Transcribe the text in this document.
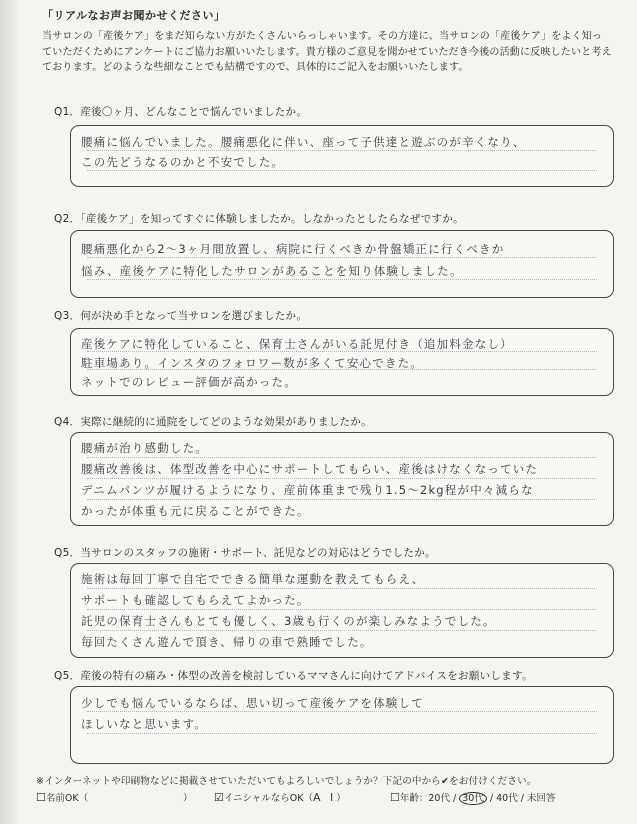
「リアルなお声お聞かせください」
当サロンの「産後ケア」をまだ知らない方がたくさんいらっしゃいます。その方達に、当サロンの「産後ケア」をよく知っていただくためにアンケートにご協力お願いいたします。貴方様のご意見を聞かせていただき今後の活動に反映したいと考えております。どのような些細なことでも結構ですので、具体的にご記入をお願いいたします。
Q1．産後〇ヶ月、どんなことで悩んでいましたか。
腰痛に悩んでいました。腰痛悪化に伴い、座って子供達と遊ぶのが辛くなり、
この先どうなるのかと不安でした。
Q2．「産後ケア」を知ってすぐに体験しましたか。しなかったとしたらなぜですか。
腰痛悪化から2～3ヶ月間放置し、病院に行くべきか骨盤矯正に行くべきか
悩み、産後ケアに特化したサロンがあることを知り体験しました。
Q3．何が決め手となって当サロンを選びましたか。
産後ケアに特化していること、保育士さんがいる託児付き（追加料金なし）
駐車場あり。インスタのフォロワー数が多くて安心できた。
ネットでのレビュー評価が高かった。
Q4．実際に継続的に通院をしてどのような効果がありましたか。
腰痛が治り感動した。
腰痛改善後は、体型改善を中心にサポートしてもらい、産後はけなくなっていた
デニムパンツが履けるようになり、産前体重まで残り1.5～2kg程が中々減らな
かったが体重も元に戻ることができた。
Q5．当サロンのスタッフの施術・サポート、託児などの対応はどうでしたか。
施術は毎回丁寧で自宅でできる簡単な運動を教えてもらえ、
サポートも確認してもらえてよかった。
託児の保育士さんもとても優しく、3歳も行くのが楽しみなようでした。
毎回たくさん遊んで頂き、帰りの車で熟睡でした。
Q5．産後の特有の痛み・体型の改善を検討しているママさんに向けてアドバイスをお願いします。
少しでも悩んでいるならば、思い切って産後ケアを体験して
ほしいなと思います。
※インターネットや印刷物などに掲載させていただいてもよろしいでしょうか？下記の中から✔をお付けください。
☐名前OK（	） ☑イニシャルならOK（A I）	☐年齢：20代 / 30代 / 40代 / 未回答
